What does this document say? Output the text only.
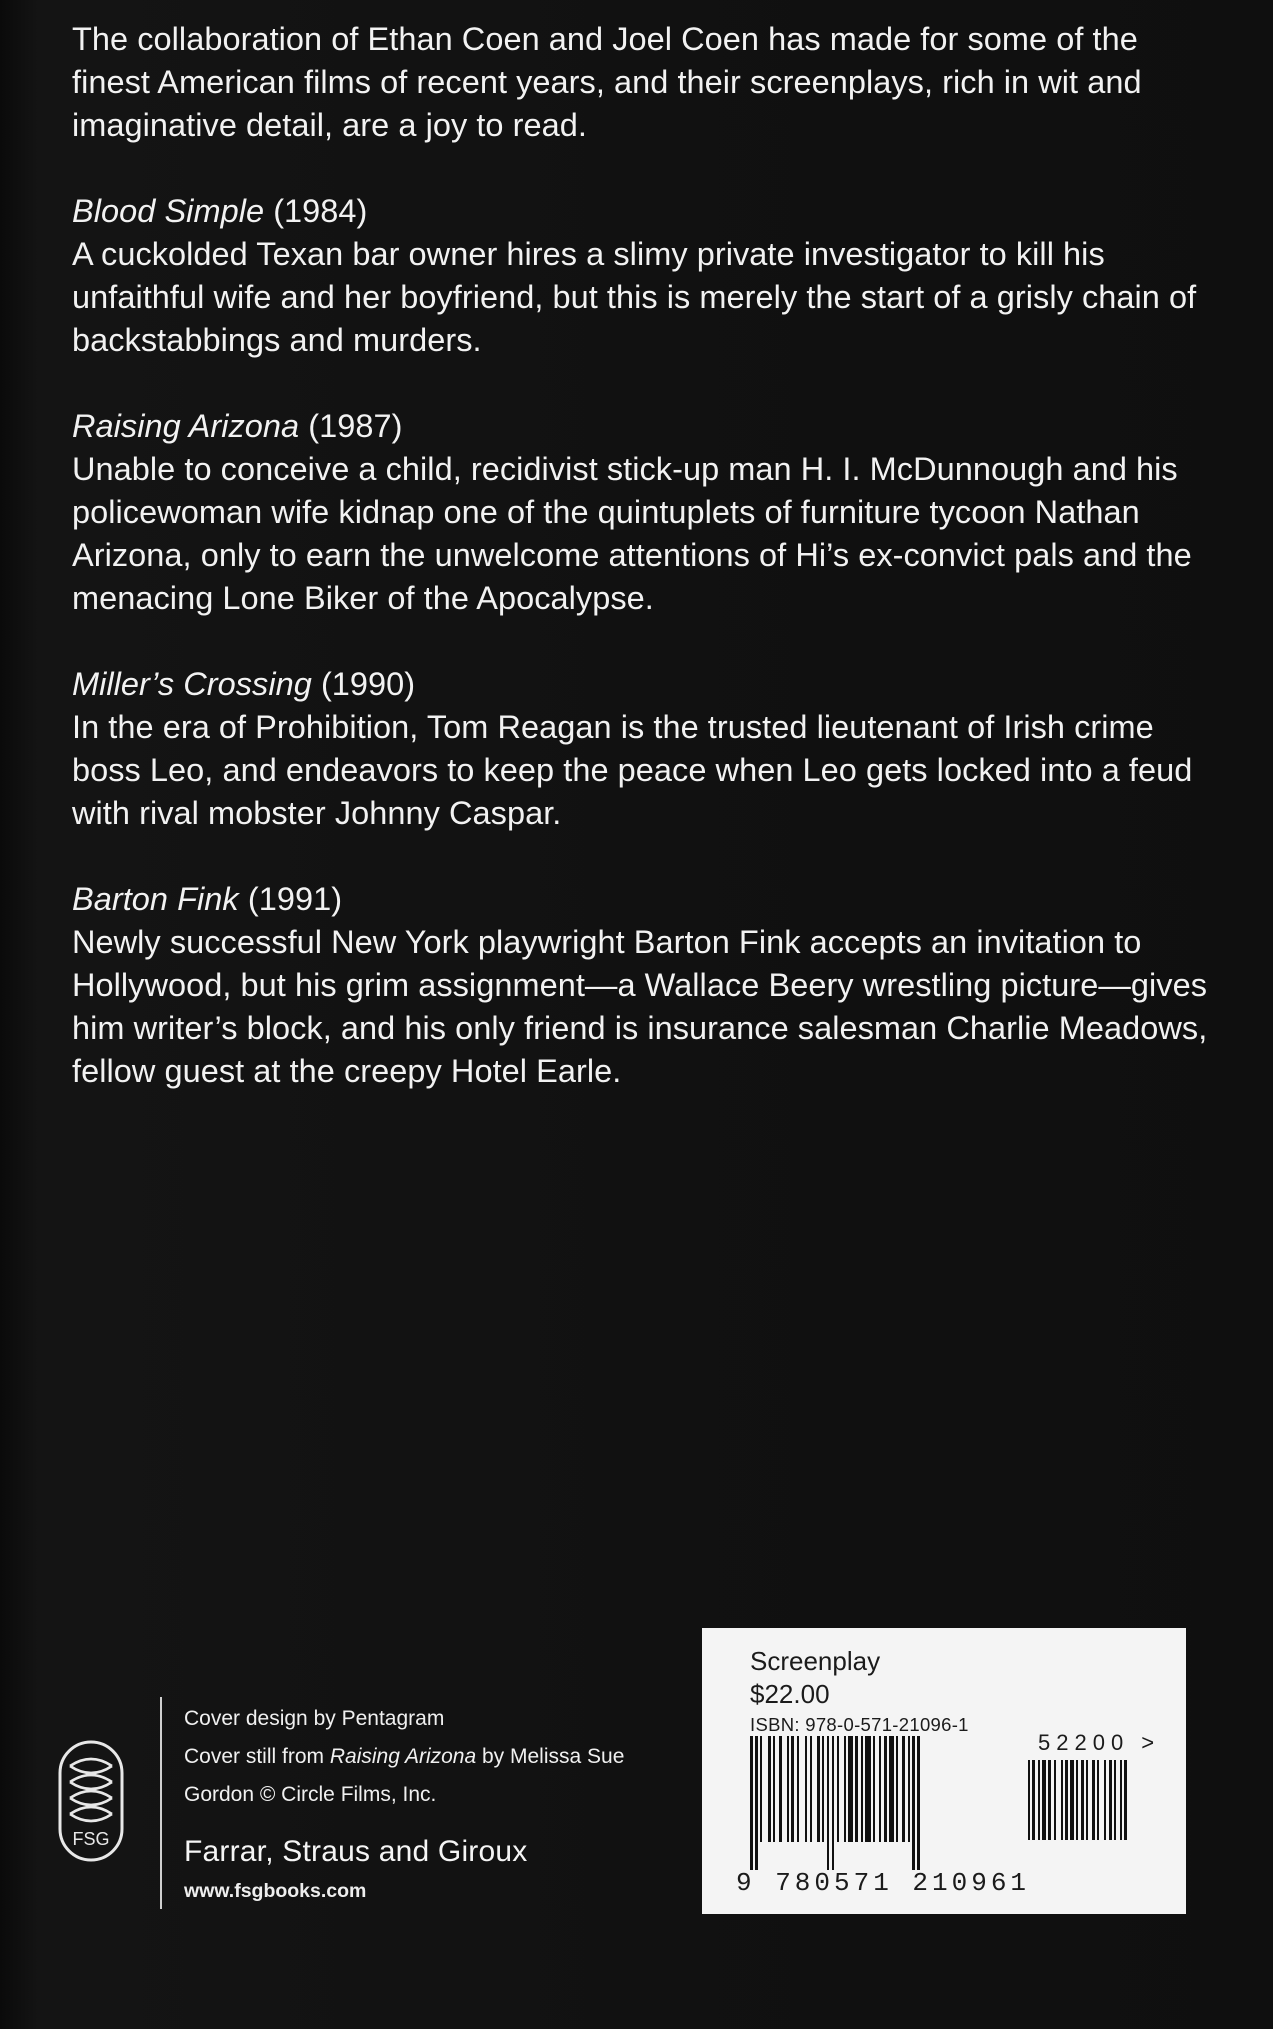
The collaboration of Ethan Coen and Joel Coen has made for some of the finest American films of recent years, and their screenplays, rich in wit and imaginative detail, are a joy to read.

Blood Simple (1984)
A cuckolded Texan bar owner hires a slimy private investigator to kill his unfaithful wife and her boyfriend, but this is merely the start of a grisly chain of backstabbings and murders.
Raising Arizona (1987)
Unable to conceive a child, recidivist stick-up man H. I. McDunnough and his policewoman wife kidnap one of the quintuplets of furniture tycoon Nathan Arizona, only to earn the unwelcome attentions of Hi’s ex-convict pals and the menacing Lone Biker of the Apocalypse.
Miller’s Crossing (1990)
In the era of Prohibition, Tom Reagan is the trusted lieutenant of Irish crime boss Leo, and endeavors to keep the peace when Leo gets locked into a feud with rival mobster Johnny Caspar.
Barton Fink (1991)
Newly successful New York playwright Barton Fink accepts an invitation to Hollywood, but his grim assignment—a Wallace Beery wrestling picture—gives him writer’s block, and his only friend is insurance salesman Charlie Meadows, fellow guest at the creepy Hotel Earle.
FSG
Cover design by Pentagram
Cover still from Raising Arizona by Melissa Sue
Gordon © Circle Films, Inc.
Farrar, Straus and Giroux
www.fsgbooks.com
Screenplay
$22.00
ISBN: 978-0-571-21096-1
52200 >
9 780571 210961
